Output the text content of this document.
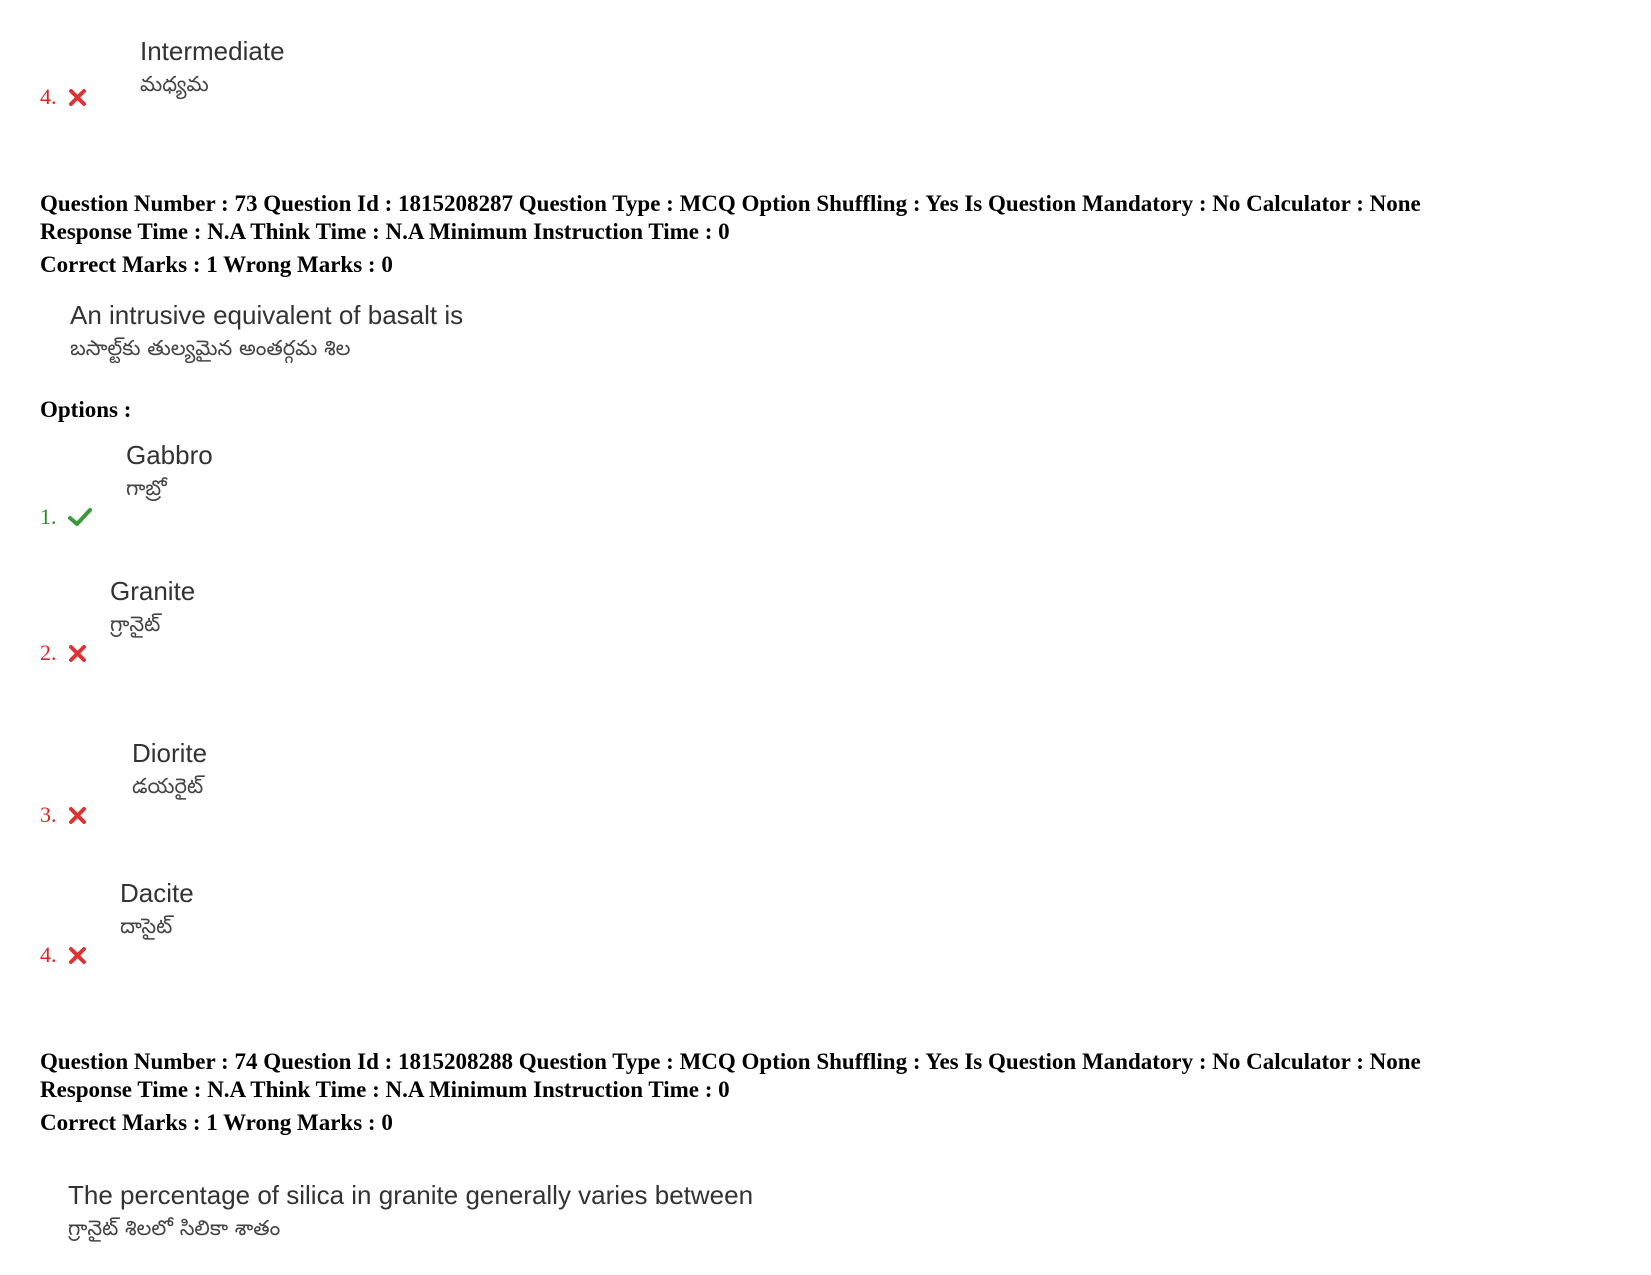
Intermediate
మధ్యమ
4.
Question Number : 73 Question Id : 1815208287 Question Type : MCQ Option Shuffling : Yes Is Question Mandatory : No Calculator : None
Response Time : N.A Think Time : N.A Minimum Instruction Time : 0
Correct Marks : 1 Wrong Marks : 0
An intrusive equivalent of basalt is
బసాల్ట్‌కు తుల్యమైన అంతర్గమ శిల
Options :
Gabbro
గాబ్రో
1.
Granite
గ్రానైట్
2.
Diorite
డయరైట్
3.
Dacite
దాసైట్
4.
Question Number : 74 Question Id : 1815208288 Question Type : MCQ Option Shuffling : Yes Is Question Mandatory : No Calculator : None
Response Time : N.A Think Time : N.A Minimum Instruction Time : 0
Correct Marks : 1 Wrong Marks : 0
The percentage of silica in granite generally varies between
గ్రానైట్ శిలలో సిలికా శాతం
